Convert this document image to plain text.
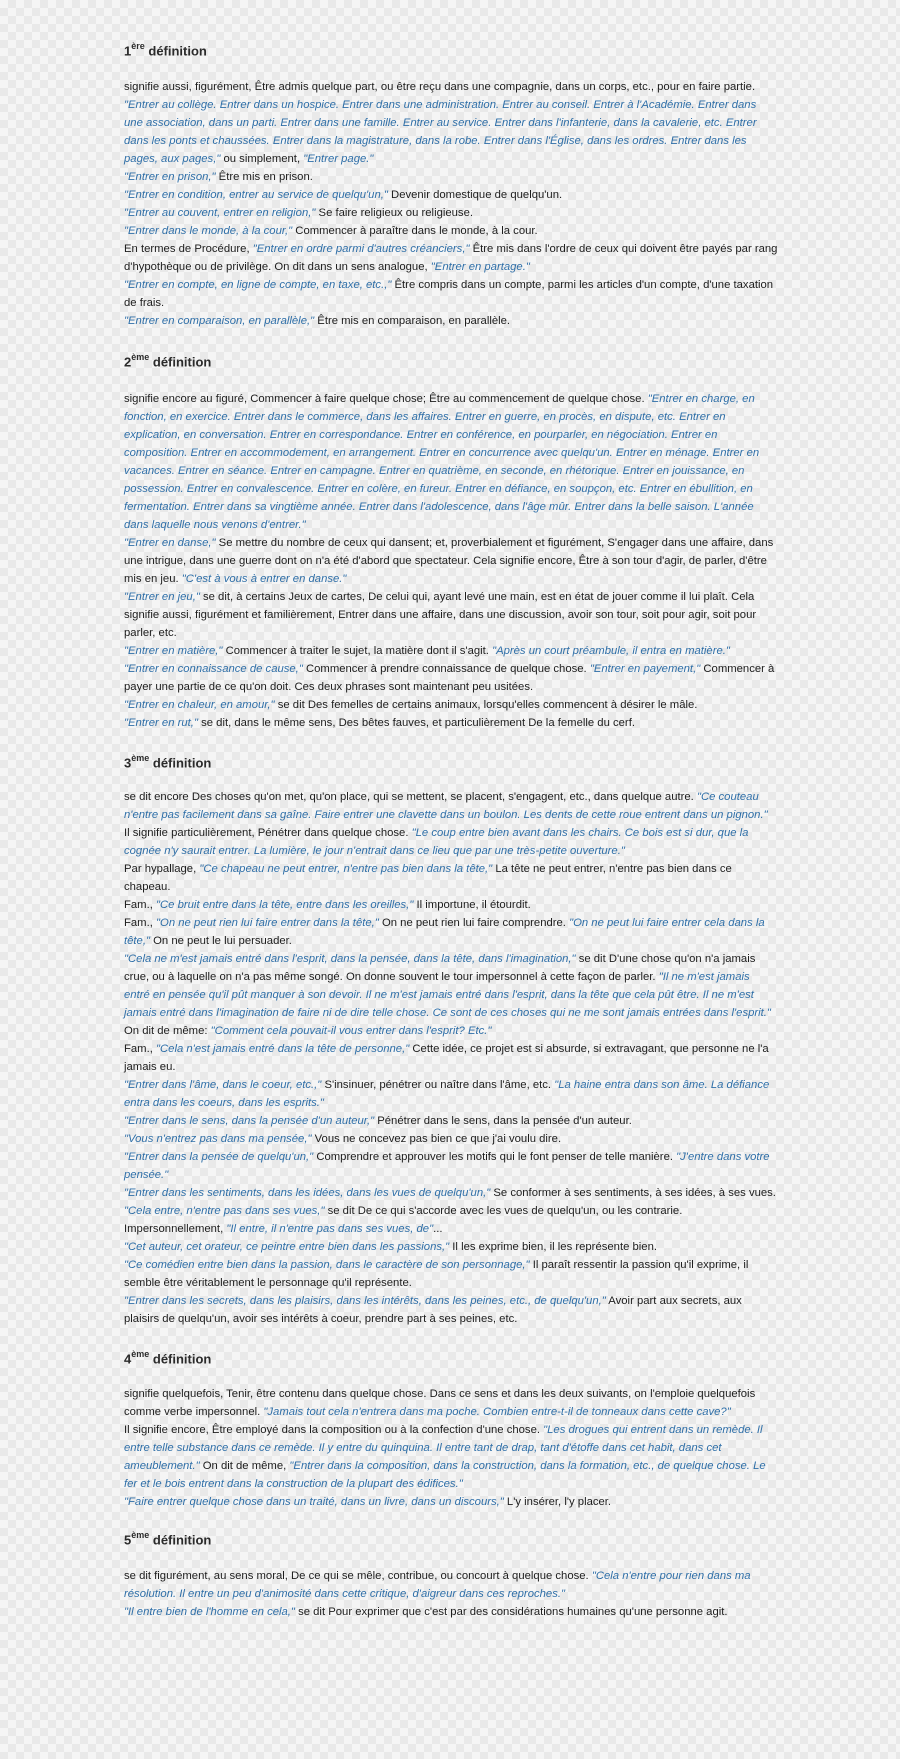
1ère définition

signifie aussi, figurément, Être admis quelque part, ou être reçu dans une compagnie, dans un corps, etc., pour en faire partie. "Entrer au collège. Entrer dans un hospice. Entrer dans une administration. Entrer au conseil. Entrer à l'Académie. Entrer dans une association, dans un parti. Entrer dans une famille. Entrer au service. Entrer dans l'infanterie, dans la cavalerie, etc. Entrer dans les ponts et chaussées. Entrer dans la magistrature, dans la robe. Entrer dans l'Église, dans les ordres. Entrer dans les pages, aux pages," ou simplement, "Entrer page."

"Entrer en prison," Être mis en prison.

"Entrer en condition, entrer au service de quelqu'un," Devenir domestique de quelqu'un.

"Entrer au couvent, entrer en religion," Se faire religieux ou religieuse.

"Entrer dans le monde, à la cour," Commencer à paraître dans le monde, à la cour.

En termes de Procédure, "Entrer en ordre parmi d'autres créanciers," Être mis dans l'ordre de ceux qui doivent être payés par rang d'hypothèque ou de privilège. On dit dans un sens analogue, "Entrer en partage."

"Entrer en compte, en ligne de compte, en taxe, etc.," Être compris dans un compte, parmi les articles d'un compte, d'une taxation de frais.

"Entrer en comparaison, en parallèle," Être mis en comparaison, en parallèle.

2ème définition

signifie encore au figuré, Commencer à faire quelque chose; Être au commencement de quelque chose. "Entrer en charge, en fonction, en exercice. Entrer dans le commerce, dans les affaires. Entrer en guerre, en procès, en dispute, etc. Entrer en explication, en conversation. Entrer en correspondance. Entrer en conférence, en pourparler, en négociation. Entrer en composition. Entrer en accommodement, en arrangement. Entrer en concurrence avec quelqu'un. Entrer en ménage. Entrer en vacances. Entrer en séance. Entrer en campagne. Entrer en quatrième, en seconde, en rhétorique. Entrer en jouissance, en possession. Entrer en convalescence. Entrer en colère, en fureur. Entrer en défiance, en soupçon, etc. Entrer en ébullition, en fermentation. Entrer dans sa vingtième année. Entrer dans l'adolescence, dans l'âge mûr. Entrer dans la belle saison. L'année dans laquelle nous venons d'entrer."

"Entrer en danse," Se mettre du nombre de ceux qui dansent; et, proverbialement et figurément, S'engager dans une affaire, dans une intrigue, dans une guerre dont on n'a été d'abord que spectateur. Cela signifie encore, Être à son tour d'agir, de parler, d'être mis en jeu. "C'est à vous à entrer en danse."

"Entrer en jeu," se dit, à certains Jeux de cartes, De celui qui, ayant levé une main, est en état de jouer comme il lui plaît. Cela signifie aussi, figurément et familièrement, Entrer dans une affaire, dans une discussion, avoir son tour, soit pour agir, soit pour parler, etc.

"Entrer en matière," Commencer à traiter le sujet, la matière dont il s'agit. "Après un court préambule, il entra en matière."

"Entrer en connaissance de cause," Commencer à prendre connaissance de quelque chose. "Entrer en payement," Commencer à payer une partie de ce qu'on doit. Ces deux phrases sont maintenant peu usitées.

"Entrer en chaleur, en amour," se dit Des femelles de certains animaux, lorsqu'elles commencent à désirer le mâle.

"Entrer en rut," se dit, dans le même sens, Des bêtes fauves, et particulièrement De la femelle du cerf.

3ème définition

se dit encore Des choses qu'on met, qu'on place, qui se mettent, se placent, s'engagent, etc., dans quelque autre. "Ce couteau n'entre pas facilement dans sa gaîne. Faire entrer une clavette dans un boulon. Les dents de cette roue entrent dans un pignon."

Il signifie particulièrement, Pénétrer dans quelque chose. "Le coup entre bien avant dans les chairs. Ce bois est si dur, que la cognée n'y saurait entrer. La lumière, le jour n'entrait dans ce lieu que par une très-petite ouverture."

Par hypallage, "Ce chapeau ne peut entrer, n'entre pas bien dans la tête," La tête ne peut entrer, n'entre pas bien dans ce chapeau.

Fam., "Ce bruit entre dans la tête, entre dans les oreilles," Il importune, il étourdit.

Fam., "On ne peut rien lui faire entrer dans la tête," On ne peut rien lui faire comprendre. "On ne peut lui faire entrer cela dans la tête," On ne peut le lui persuader.

"Cela ne m'est jamais entré dans l'esprit, dans la pensée, dans la tête, dans l'imagination," se dit D'une chose qu'on n'a jamais crue, ou à laquelle on n'a pas même songé. On donne souvent le tour impersonnel à cette façon de parler. "Il ne m'est jamais entré en pensée qu'il pût manquer à son devoir. Il ne m'est jamais entré dans l'esprit, dans la tête que cela pût être. Il ne m'est jamais entré dans l'imagination de faire ni de dire telle chose. Ce sont de ces choses qui ne me sont jamais entrées dans l'esprit." On dit de même: "Comment cela pouvait-il vous entrer dans l'esprit? Etc."

Fam., "Cela n'est jamais entré dans la tête de personne," Cette idée, ce projet est si absurde, si extravagant, que personne ne l'a jamais eu.

"Entrer dans l'âme, dans le coeur, etc.," S'insinuer, pénétrer ou naître dans l'âme, etc. "La haine entra dans son âme. La défiance entra dans les coeurs, dans les esprits."

"Entrer dans le sens, dans la pensée d'un auteur," Pénétrer dans le sens, dans la pensée d'un auteur.

"Vous n'entrez pas dans ma pensée," Vous ne concevez pas bien ce que j'ai voulu dire.

"Entrer dans la pensée de quelqu'un," Comprendre et approuver les motifs qui le font penser de telle manière. "J'entre dans votre pensée."

"Entrer dans les sentiments, dans les idées, dans les vues de quelqu'un," Se conformer à ses sentiments, à ses idées, à ses vues.

"Cela entre, n'entre pas dans ses vues," se dit De ce qui s'accorde avec les vues de quelqu'un, ou les contrarie. Impersonnellement, "Il entre, il n'entre pas dans ses vues, de"...

"Cet auteur, cet orateur, ce peintre entre bien dans les passions," Il les exprime bien, il les représente bien.

"Ce comédien entre bien dans la passion, dans le caractère de son personnage," Il paraît ressentir la passion qu'il exprime, il semble être véritablement le personnage qu'il représente.

"Entrer dans les secrets, dans les plaisirs, dans les intérêts, dans les peines, etc., de quelqu'un," Avoir part aux secrets, aux plaisirs de quelqu'un, avoir ses intérêts à coeur, prendre part à ses peines, etc.

4ème définition

signifie quelquefois, Tenir, être contenu dans quelque chose. Dans ce sens et dans les deux suivants, on l'emploie quelquefois comme verbe impersonnel. "Jamais tout cela n'entrera dans ma poche. Combien entre-t-il de tonneaux dans cette cave?"

Il signifie encore, Être employé dans la composition ou à la confection d'une chose. "Les drogues qui entrent dans un remède. Il entre telle substance dans ce remède. Il y entre du quinquina. Il entre tant de drap, tant d'étoffe dans cet habit, dans cet ameublement." On dit de même, "Entrer dans la composition, dans la construction, dans la formation, etc., de quelque chose. Le fer et le bois entrent dans la construction de la plupart des édifices."

"Faire entrer quelque chose dans un traité, dans un livre, dans un discours," L'y insérer, l'y placer.

5ème définition

se dit figurément, au sens moral, De ce qui se mêle, contribue, ou concourt à quelque chose. "Cela n'entre pour rien dans ma résolution. Il entre un peu d'animosité dans cette critique, d'aigreur dans ces reproches."

"Il entre bien de l'homme en cela," se dit Pour exprimer que c'est par des considérations humaines qu'une personne agit.
